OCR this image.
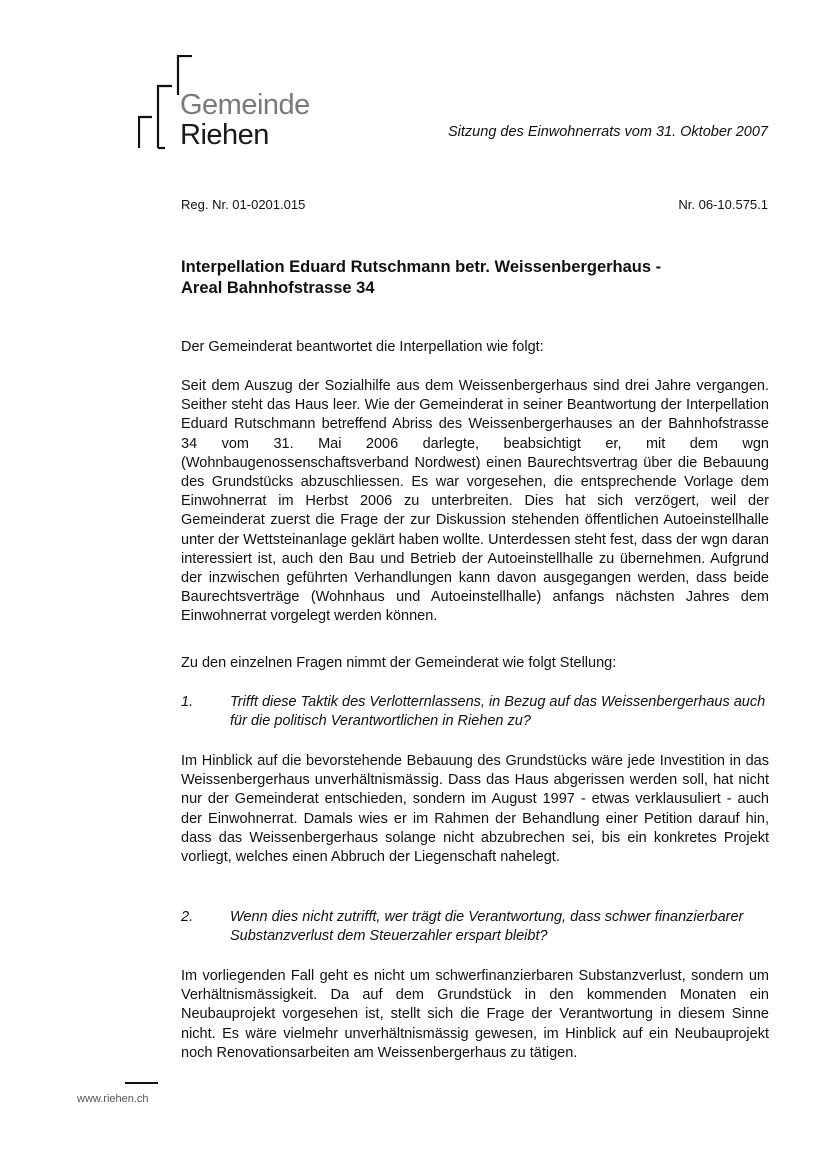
Gemeinde
Riehen	Sitzung des Einwohnerrats vom 31. Oktober 2007
Reg. Nr. 01-0201.015	Nr. 06-10.575.1
Interpellation Eduard Rutschmann betr. Weissenbergerhaus -
Areal Bahnhofstrasse 34
Der Gemeinderat beantwortet die Interpellation wie folgt:
Seit dem Auszug der Sozialhilfe aus dem Weissenbergerhaus sind drei Jahre vergangen. Seither steht das Haus leer. Wie der Gemeinderat in seiner Beantwortung der Interpellation Eduard Rutschmann betreffend Abriss des Weissenbergerhauses an der Bahnhofstrasse 34 vom 31. Mai 2006 darlegte, beabsichtigt er, mit dem wgn (Wohnbaugenossenschaftsverband Nordwest) einen Baurechtsvertrag über die Bebauung des Grundstücks abzuschliessen. Es war vorgesehen, die entsprechende Vorlage dem Einwohnerrat im Herbst 2006 zu unterbreiten. Dies hat sich verzögert, weil der Gemeinderat zuerst die Frage der zur Diskussion stehenden öffentlichen Autoeinstellhalle unter der Wettsteinanlage geklärt haben wollte. Unterdessen steht fest, dass der wgn daran interessiert ist, auch den Bau und Betrieb der Autoeinstellhalle zu übernehmen. Aufgrund der inzwischen geführten Verhandlungen kann davon ausgegangen werden, dass beide Baurechtsverträge (Wohnhaus und Autoeinstellhalle) anfangs nächsten Jahres dem Einwohnerrat vorgelegt werden können.
Zu den einzelnen Fragen nimmt der Gemeinderat wie folgt Stellung:
1.	Trifft diese Taktik des Verlotternlassens, in Bezug auf das Weissenbergerhaus auch für die politisch Verantwortlichen in Riehen zu?
Im Hinblick auf die bevorstehende Bebauung des Grundstücks wäre jede Investition in das Weissenbergerhaus unverhältnismässig. Dass das Haus abgerissen werden soll, hat nicht nur der Gemeinderat entschieden, sondern im August 1997 - etwas verklausuliert - auch der Einwohnerrat. Damals wies er im Rahmen der Behandlung einer Petition darauf hin, dass das Weissenbergerhaus solange nicht abzubrechen sei, bis ein konkretes Projekt vorliegt, welches einen Abbruch der Liegenschaft nahelegt.
2.	Wenn dies nicht zutrifft, wer trägt die Verantwortung, dass schwer finanzierbarer Substanzverlust dem Steuerzahler erspart bleibt?
Im vorliegenden Fall geht es nicht um schwerfinanzierbaren Substanzverlust, sondern um Verhältnismässigkeit. Da auf dem Grundstück in den kommenden Monaten ein Neubauprojekt vorgesehen ist, stellt sich die Frage der Verantwortung in diesem Sinne nicht. Es wäre vielmehr unverhältnismässig gewesen, im Hinblick auf ein Neubauprojekt noch Renovationsarbeiten am Weissenbergerhaus zu tätigen.
www.riehen.ch
